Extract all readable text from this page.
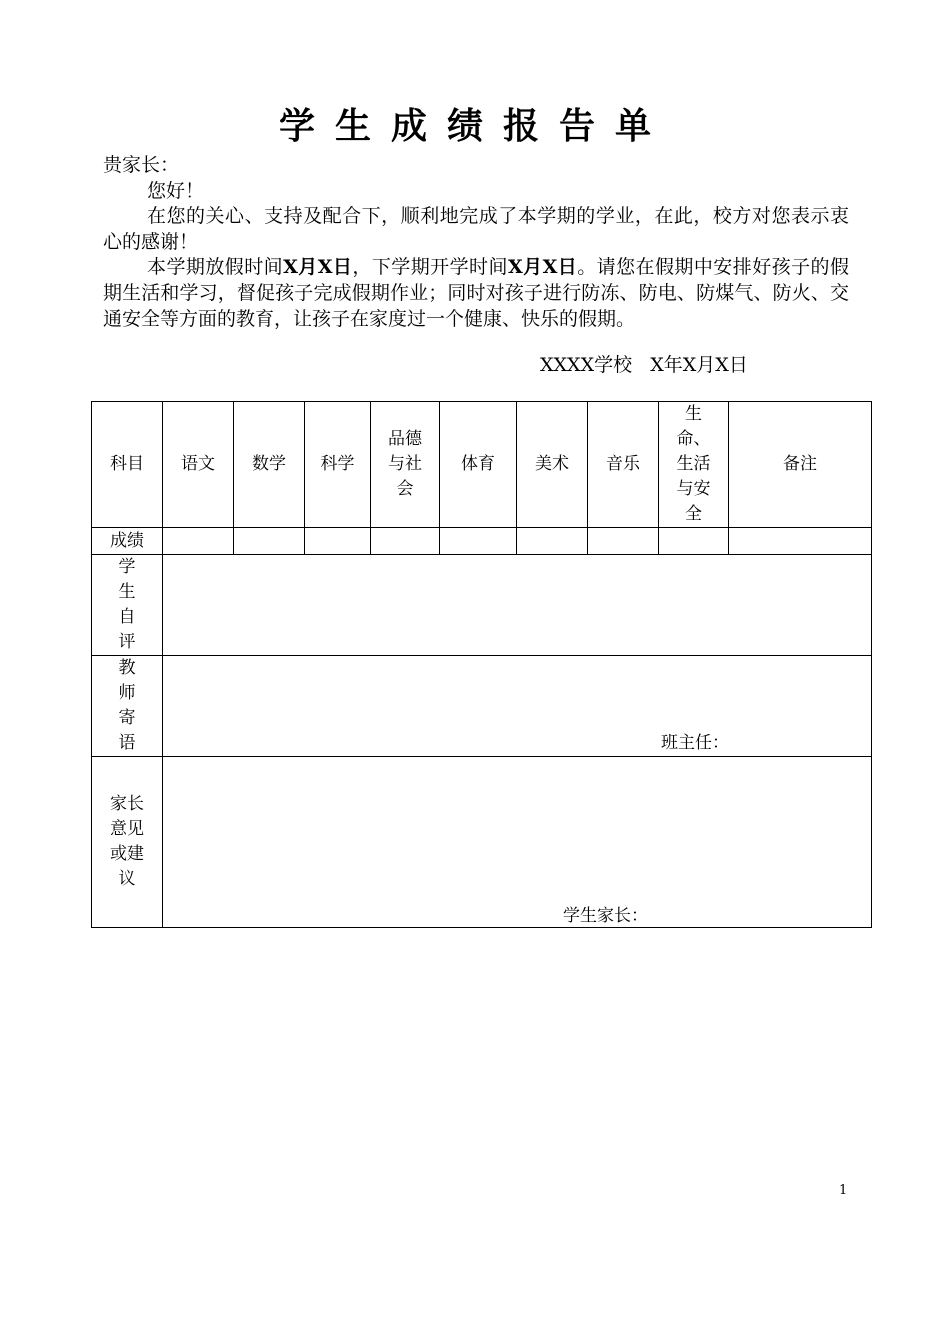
学生成绩报告单
贵家长：
您好！
在您的关心、支持及配合下，顺利地完成了本学期的学业，在此，校方对您表示衷心的感谢！
本学期放假时间X月X日，下学期开学时间X月X日。请您在假期中安排好孩子的假期生活和学习，督促孩子完成假期作业；同时对孩子进行防冻、防电、防煤气、防火、交通安全等方面的教育，让孩子在家度过一个健康、快乐的假期。
XXXX学校 X年X月X日
科目	语文	数学	科学	品德与社会	体育	美术	音乐	生命、生活与安全	备注
成绩									

学生自评									

教师寄语	班主任：								

家长意见或建议	学生家长：								
1
